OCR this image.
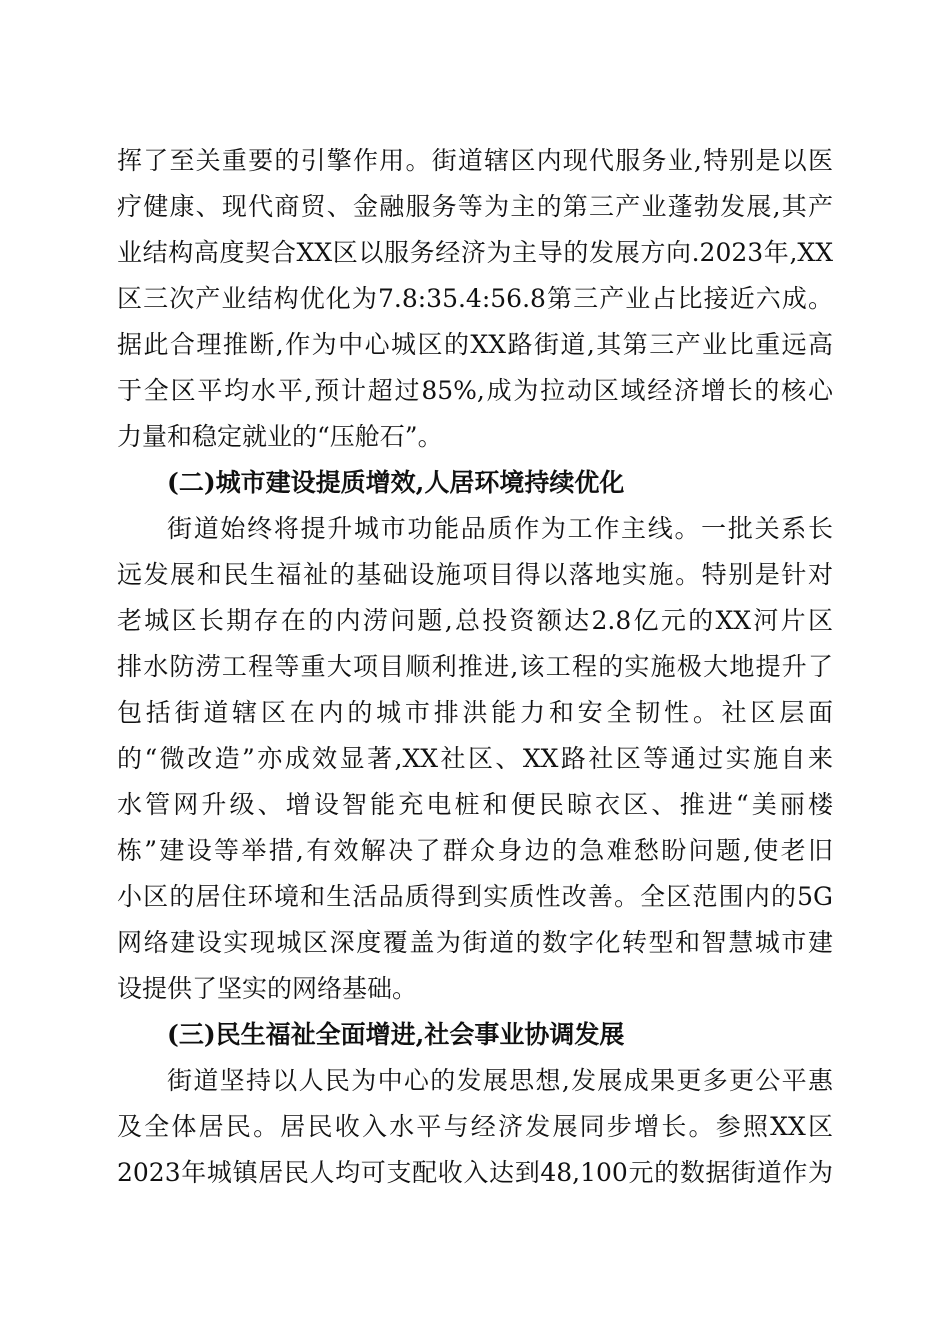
挥了至关重要的引擎作用。街道辖区内现代服务业,特别是以医
疗健康、现代商贸、金融服务等为主的第三产业蓬勃发展,其产
业结构高度契合XX区以服务经济为主导的发展方向.2023年,XX
区三次产业结构优化为7.8:35.4:56.8第三产业占比接近六成。
据此合理推断,作为中心城区的XX路街道,其第三产业比重远高
于全区平均水平,预计超过85%,成为拉动区域经济增长的核心
力量和稳定就业的“压舱石”。
(二)城市建设提质增效,人居环境持续优化
街道始终将提升城市功能品质作为工作主线。一批关系长
远发展和民生福祉的基础设施项目得以落地实施。特别是针对
老城区长期存在的内涝问题,总投资额达2.8亿元的XX河片区
排水防涝工程等重大项目顺利推进,该工程的实施极大地提升了
包括街道辖区在内的城市排洪能力和安全韧性。社区层面
的“微改造”亦成效显著,XX社区、XX路社区等通过实施自来
水管网升级、增设智能充电桩和便民晾衣区、推进“美丽楼
栋”建设等举措,有效解决了群众身边的急难愁盼问题,使老旧
小区的居住环境和生活品质得到实质性改善。全区范围内的5G
网络建设实现城区深度覆盖为街道的数字化转型和智慧城市建
设提供了坚实的网络基础。
(三)民生福祉全面增进,社会事业协调发展
街道坚持以人民为中心的发展思想,发展成果更多更公平惠
及全体居民。居民收入水平与经济发展同步增长。参照XX区
2023年城镇居民人均可支配收入达到48,100元的数据街道作为
